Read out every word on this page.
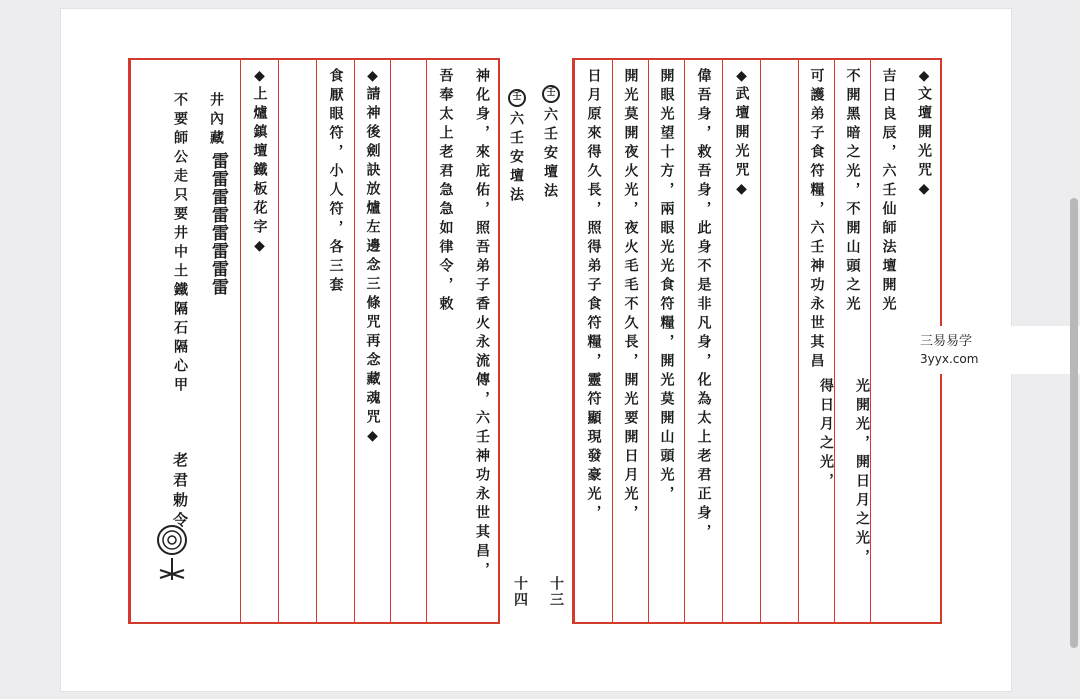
◆ 文壇開光咒 ◆
吉日良辰，六壬仙師法壇開光
不開黑暗之光，不開山頭之光
可護弟子食符糧，六壬神功永世其昌
◆ 武壇開光咒 ◆
偉吾身，救吾身，此身不是非凡身，化為太上老君正身，
開眼光望十方，兩眼光光食符糧，開光莫開山頭光，
開光莫開夜火光，夜火毛毛不久長，開光要開日月光，
日月原來得久長，照得弟子食符糧，靈符顯現發豪光，	光開光，開日月之光，
得日月之光，
壬
六壬安壇法
壬
六壬安壇法
十三
十四
神化身，來庇佑，照吾弟子香火永流傳，六壬神功永世其昌，
吾奉太上老君急急如律令，敕
◆ 請神後劍訣放爐左邊念三條咒再念藏魂咒 ◆
食厭眼符，小人符，各三套
◆ 上爐鎮壇鐵板花字 ◆
井內藏
不要師公走只要井中土鐵隔石隔心甲 雷雷雷雷雷雷雷雷
老君勅令
三易易学
3yyx.com
